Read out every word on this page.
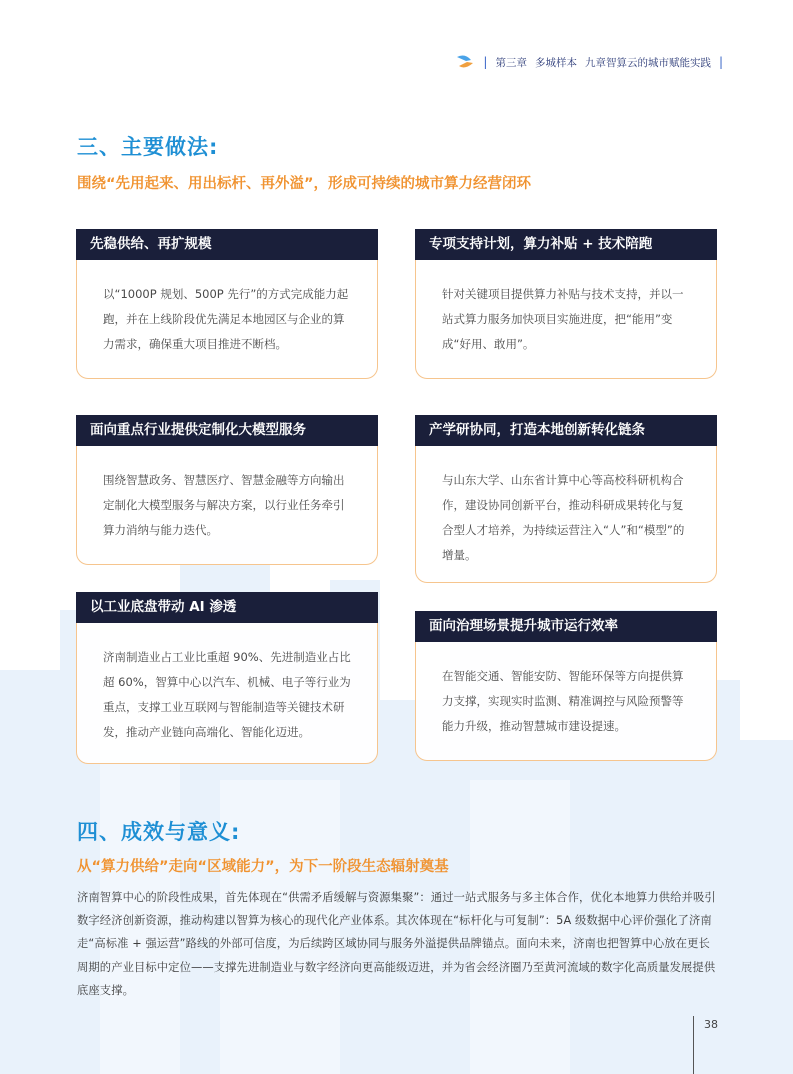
| 第三章 多城样本 九章智算云的城市赋能实践 |
三、主要做法:
围绕“先用起来、用出标杆、再外溢”，形成可持续的城市算力经营闭环
先稳供给、再扩规模
以“1000P 规划、500P 先行”的方式完成能力起跑，并在上线阶段优先满足本地园区与企业的算力需求，确保重大项目推进不断档。
专项支持计划，算力补贴 + 技术陪跑
针对关键项目提供算力补贴与技术支持，并以一站式算力服务加快项目实施进度，把“能用”变成“好用、敢用”。
面向重点行业提供定制化大模型服务
围绕智慧政务、智慧医疗、智慧金融等方向输出定制化大模型服务与解决方案，以行业任务牵引算力消纳与能力迭代。
产学研协同，打造本地创新转化链条
与山东大学、山东省计算中心等高校科研机构合作，建设协同创新平台，推动科研成果转化与复合型人才培养，为持续运营注入“人”和“模型”的增量。
以工业底盘带动 AI 渗透
济南制造业占工业比重超 90%、先进制造业占比超 60%，智算中心以汽车、机械、电子等行业为重点，支撑工业互联网与智能制造等关键技术研发，推动产业链向高端化、智能化迈进。
面向治理场景提升城市运行效率
在智能交通、智能安防、智能环保等方向提供算力支撑，实现实时监测、精准调控与风险预警等能力升级，推动智慧城市建设提速。
四、成效与意义:
从“算力供给”走向“区域能力”，为下一阶段生态辐射奠基
济南智算中心的阶段性成果，首先体现在“供需矛盾缓解与资源集聚”：通过一站式服务与多主体合作，优化本地算力供给并吸引数字经济创新资源，推动构建以智算为核心的现代化产业体系。其次体现在“标杆化与可复制”：5A 级数据中心评价强化了济南走“高标准 + 强运营”路线的外部可信度，为后续跨区域协同与服务外溢提供品牌锚点。面向未来，济南也把智算中心放在更长周期的产业目标中定位——支撑先进制造业与数字经济向更高能级迈进，并为省会经济圈乃至黄河流域的数字化高质量发展提供底座支撑。
38
